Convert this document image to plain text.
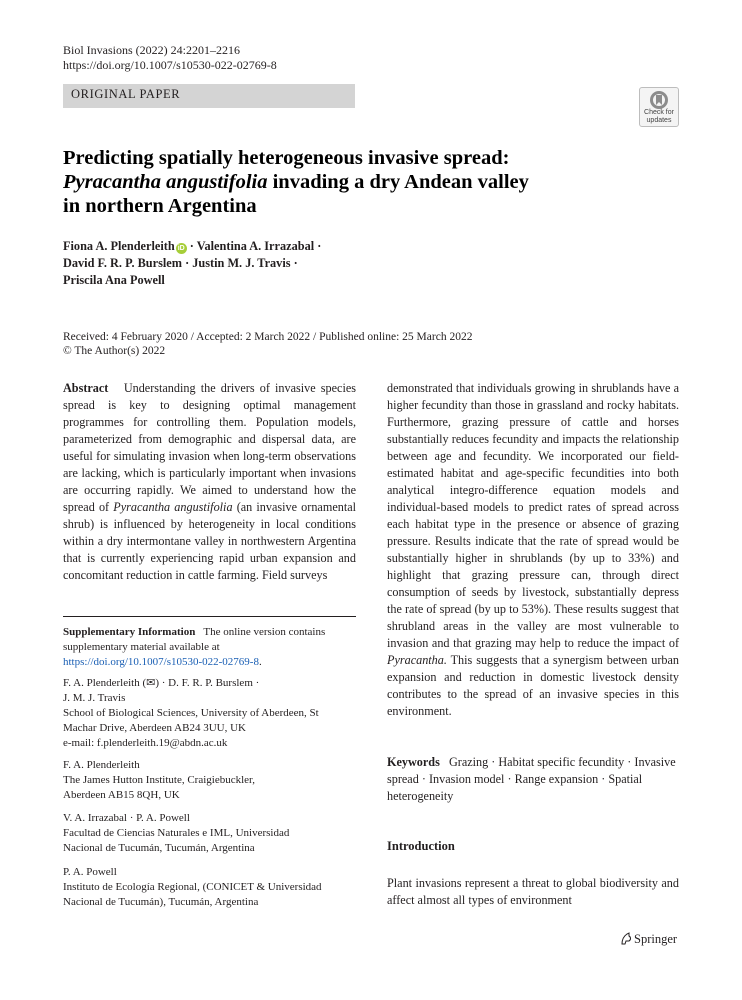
Biol Invasions (2022) 24:2201–2216
https://doi.org/10.1007/s10530-022-02769-8
ORIGINAL PAPER
Check for
updates
Predicting spatially heterogeneous invasive spread:
Pyracantha angustifolia invading a dry Andean valley
in northern Argentina
Fiona A. Plenderleith iD · Valentina A. Irrazabal ·
David F. R. P. Burslem · Justin M. J. Travis ·
Priscila Ana Powell
Received: 4 February 2020 / Accepted: 2 March 2022 / Published online: 25 March 2022
© The Author(s) 2022
Abstract Understanding the drivers of invasive species spread is key to designing optimal management programmes for controlling them. Population models, parameterized from demographic and dispersal data, are useful for simulating invasion when long-term observations are lacking, which is particularly important when invasions are occurring rapidly. We aimed to understand how the spread of Pyracantha angustifolia (an invasive ornamental shrub) is influenced by heterogeneity in local conditions within a dry intermontane valley in northwestern Argentina that is currently experiencing rapid urban expansion and concomitant reduction in cattle farming. Field surveys
Supplementary Information The online version contains supplementary material available at https://doi.org/10.1007/s10530-022-02769-8.
F. A. Plenderleith (✉) · D. F. R. P. Burslem ·
J. M. J. Travis
School of Biological Sciences, University of Aberdeen, St
Machar Drive, Aberdeen AB24 3UU, UK
e-mail: f.plenderleith.19@abdn.ac.uk
F. A. Plenderleith
The James Hutton Institute, Craigiebuckler,
Aberdeen AB15 8QH, UK
V. A. Irrazabal · P. A. Powell
Facultad de Ciencias Naturales e IML, Universidad
Nacional de Tucumán, Tucumán, Argentina
P. A. Powell
Instituto de Ecología Regional, (CONICET & Universidad
Nacional de Tucumán), Tucumán, Argentina
demonstrated that individuals growing in shrublands have a higher fecundity than those in grassland and rocky habitats. Furthermore, grazing pressure of cattle and horses substantially reduces fecundity and impacts the relationship between age and fecundity. We incorporated our field-estimated habitat and age-specific fecundities into both analytical integro-difference equation models and individual-based models to predict rates of spread across each habitat type in the presence or absence of grazing pressure. Results indicate that the rate of spread would be substantially higher in shrublands (by up to 33%) and highlight that grazing pressure can, through direct consumption of seeds by livestock, substantially depress the rate of spread (by up to 53%). These results suggest that shrubland areas in the valley are most vulnerable to invasion and that grazing may help to reduce the impact of Pyracantha. This suggests that a synergism between urban expansion and reduction in domestic livestock density contributes to the spread of an invasive species in this environment.
Keywords Grazing · Habitat specific fecundity · Invasive spread · Invasion model · Range expansion · Spatial heterogeneity
Introduction
Plant invasions represent a threat to global biodiversity and affect almost all types of environment
Springer
